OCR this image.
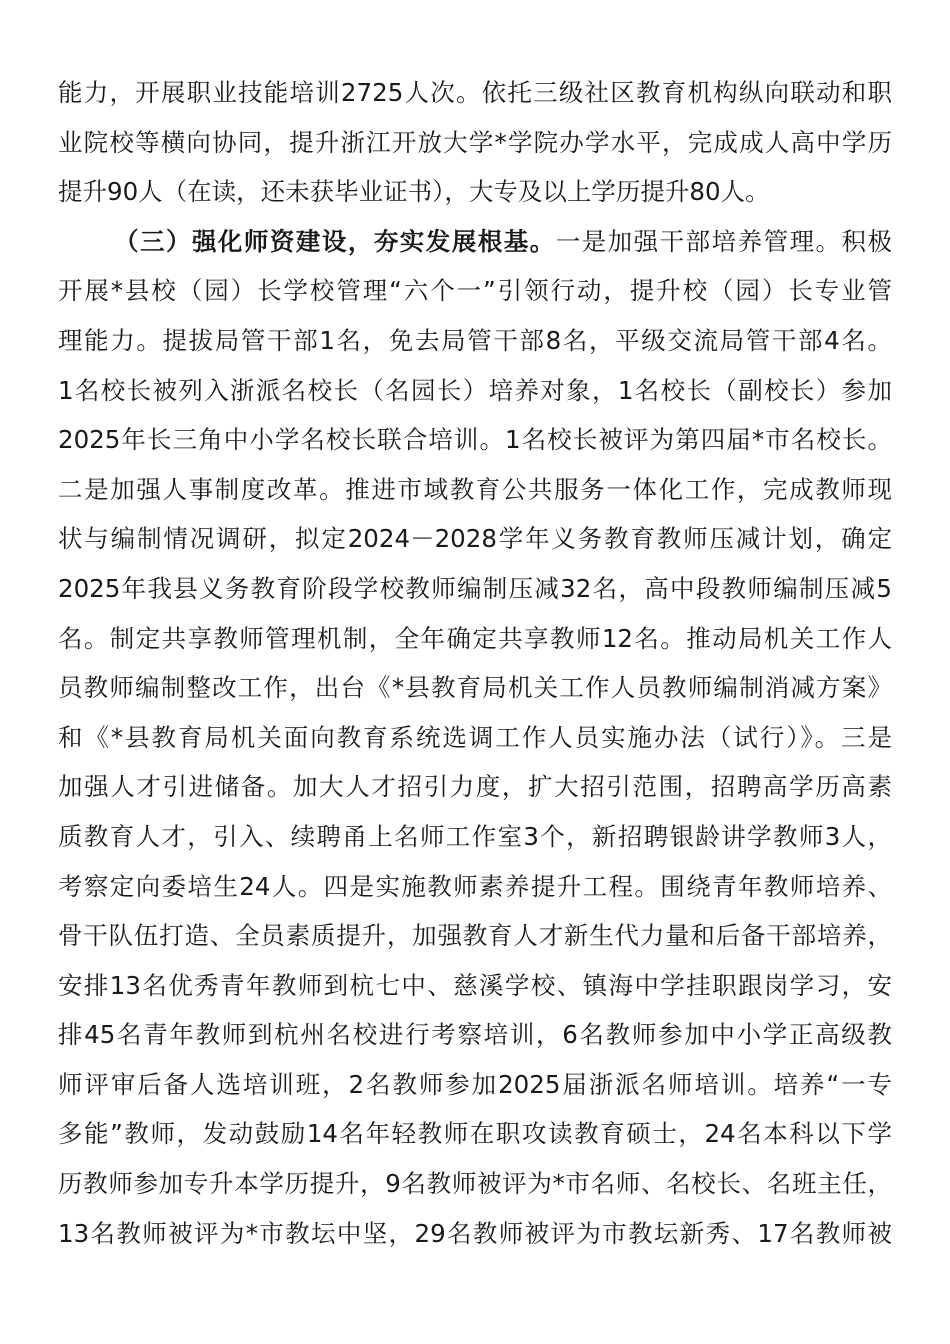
能力，开展职业技能培训2725人次。依托三级社区教育机构纵向联动和职
业院校等横向协同，提升浙江开放大学*学院办学水平，完成成人高中学历
提升90人（在读，还未获毕业证书），大专及以上学历提升80人。
（三）强化师资建设，夯实发展根基。一是加强干部培养管理。积极
开展*县校（园）长学校管理“六个一”引领行动，提升校（园）长专业管
理能力。提拔局管干部1名，免去局管干部8名，平级交流局管干部4名。
1名校长被列入浙派名校长（名园长）培养对象，1名校长（副校长）参加
2025年长三角中小学名校长联合培训。1名校长被评为第四届*市名校长。
二是加强人事制度改革。推进市域教育公共服务一体化工作，完成教师现
状与编制情况调研，拟定2024－2028学年义务教育教师压减计划，确定
2025年我县义务教育阶段学校教师编制压减32名，高中段教师编制压减5
名。制定共享教师管理机制，全年确定共享教师12名。推动局机关工作人
员教师编制整改工作，出台《*县教育局机关工作人员教师编制消减方案》
和《*县教育局机关面向教育系统选调工作人员实施办法（试行）》。三是
加强人才引进储备。加大人才招引力度，扩大招引范围，招聘高学历高素
质教育人才，引入、续聘甬上名师工作室3个，新招聘银龄讲学教师3人，
考察定向委培生24人。四是实施教师素养提升工程。围绕青年教师培养、
骨干队伍打造、全员素质提升，加强教育人才新生代力量和后备干部培养，
安排13名优秀青年教师到杭七中、慈溪学校、镇海中学挂职跟岗学习，安
排45名青年教师到杭州名校进行考察培训，6名教师参加中小学正高级教
师评审后备人选培训班，2名教师参加2025届浙派名师培训。培养“一专
多能”教师，发动鼓励14名年轻教师在职攻读教育硕士，24名本科以下学
历教师参加专升本学历提升，9名教师被评为*市名师、名校长、名班主任，
13名教师被评为*市教坛中坚，29名教师被评为市教坛新秀、17名教师被
